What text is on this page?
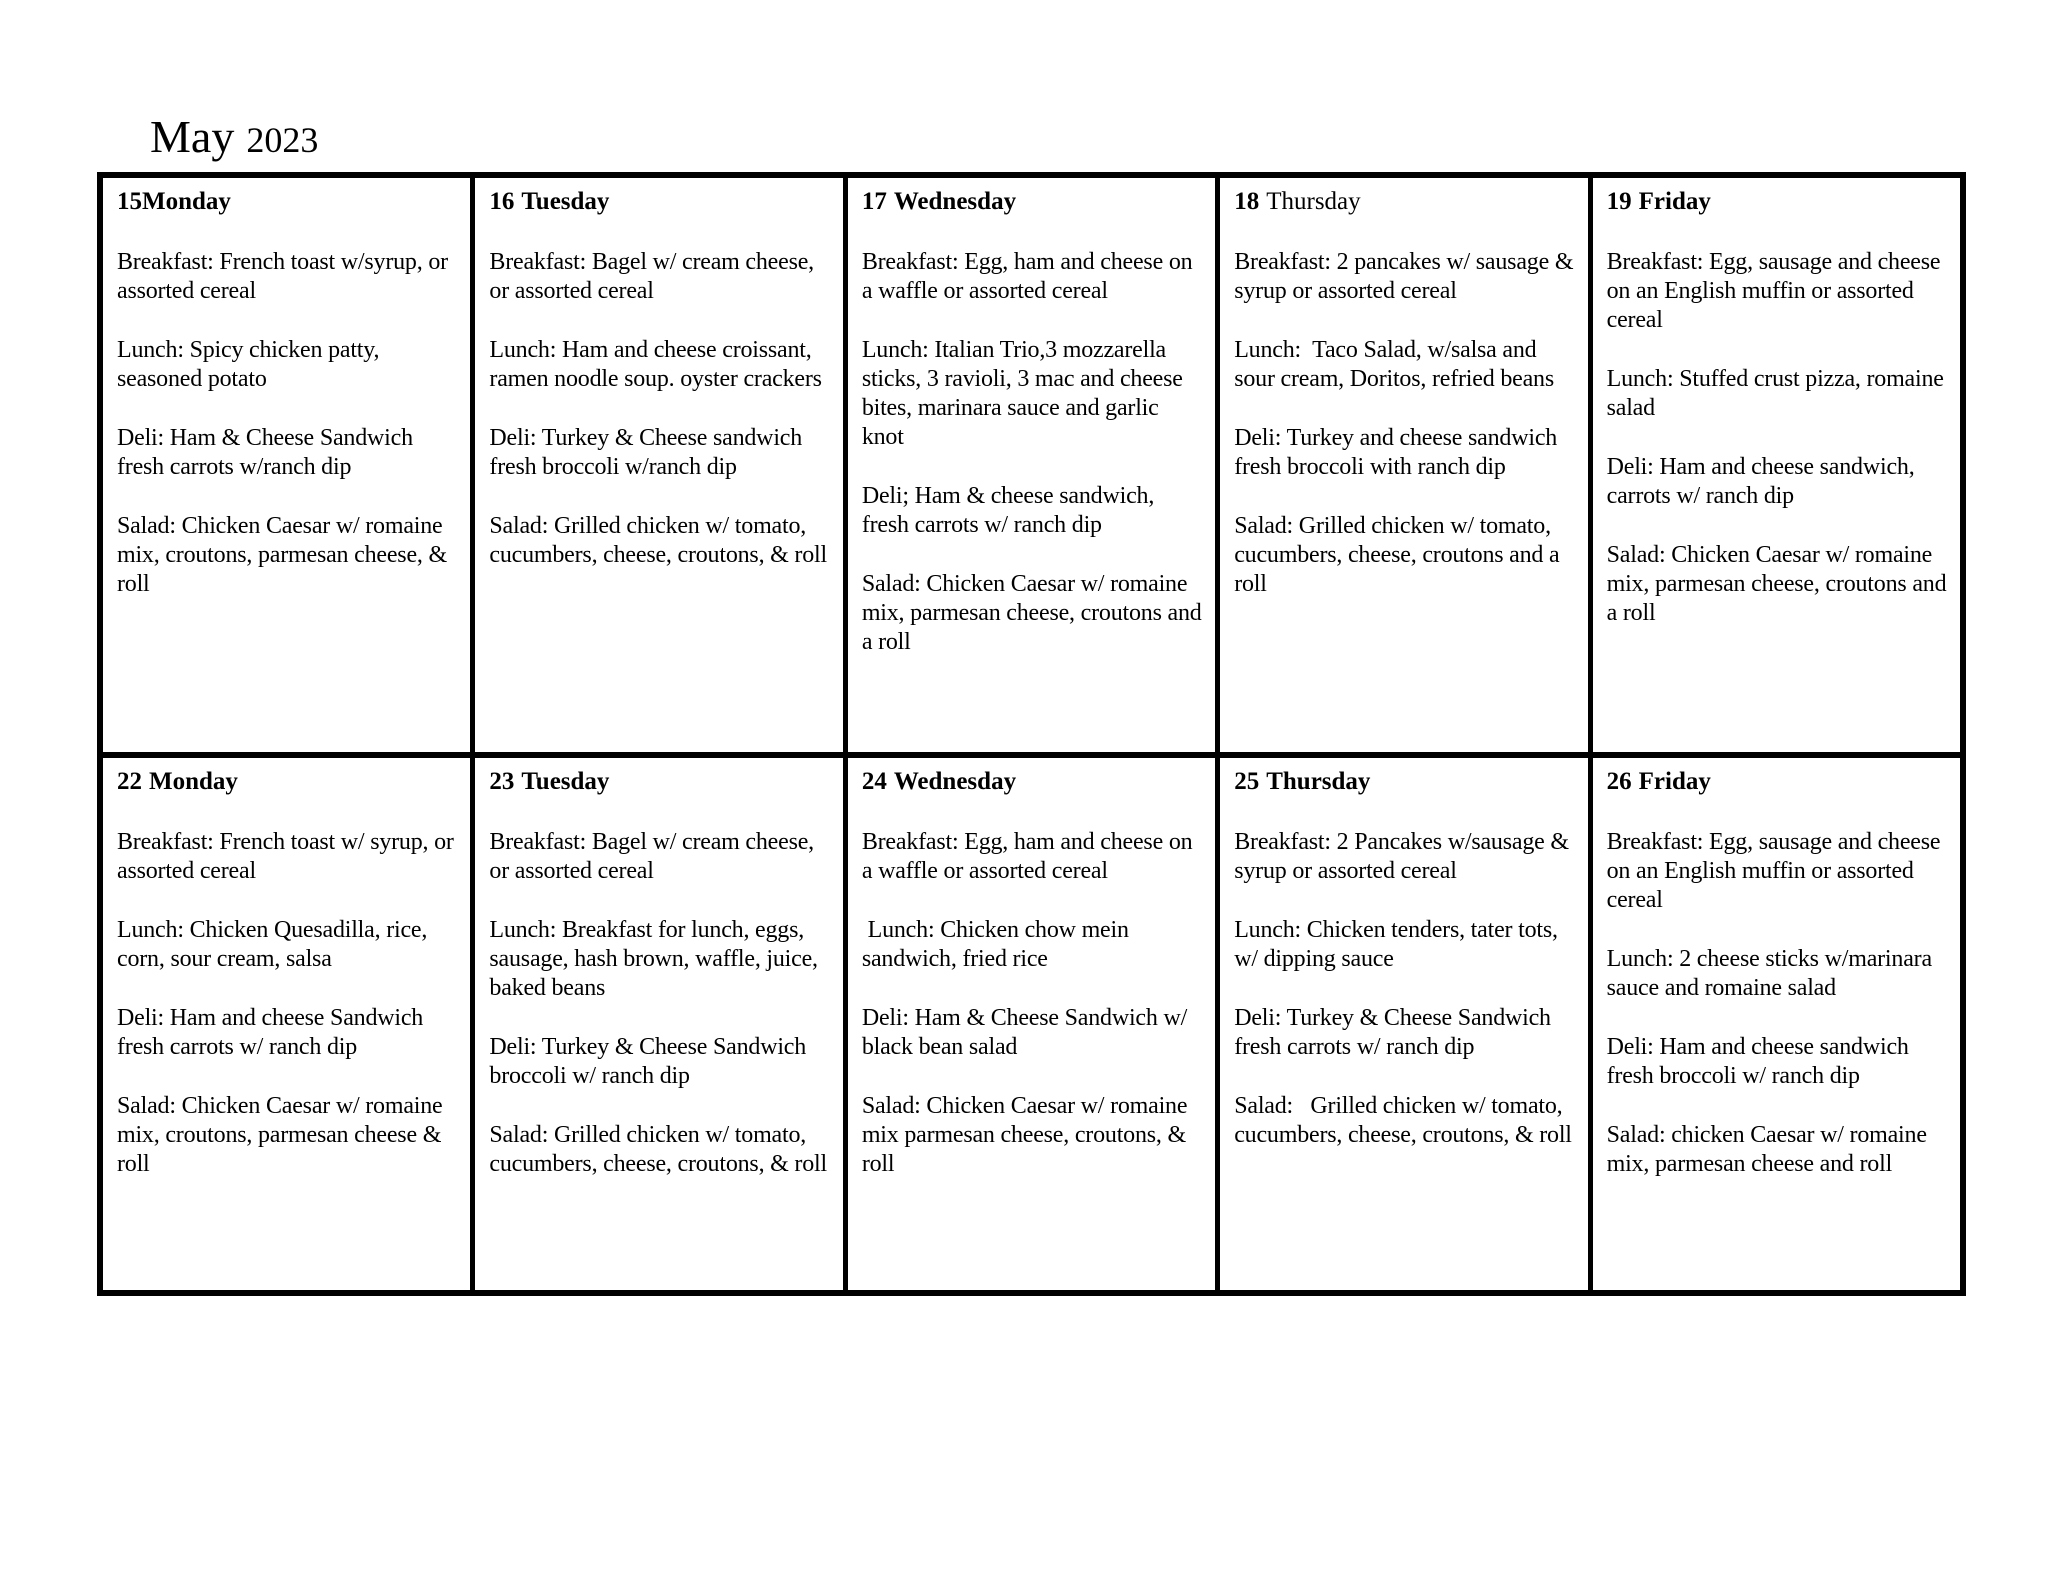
May 2023
15Monday

Breakfast: French toast w/syrup, or assorted cereal

Lunch: Spicy chicken patty, seasoned potato

Deli: Ham & Cheese Sandwich fresh carrots w/ranch dip

Salad: Chicken Caesar w/ romaine mix, croutons, parmesan cheese, & roll

16 Tuesday

Breakfast: Bagel w/ cream cheese, or assorted cereal

Lunch: Ham and cheese croissant, ramen noodle soup. oyster crackers

Deli: Turkey & Cheese sandwich fresh broccoli w/ranch dip

Salad: Grilled chicken w/ tomato, cucumbers, cheese, croutons, & roll

17 Wednesday

Breakfast: Egg, ham and cheese on a waffle or assorted cereal

Lunch: Italian Trio,3 mozzarella sticks, 3 ravioli, 3 mac and cheese bites, marinara sauce and garlic knot

Deli; Ham & cheese sandwich, fresh carrots w/ ranch dip

Salad: Chicken Caesar w/ romaine mix, parmesan cheese, croutons and a roll

18 Thursday

Breakfast: 2 pancakes w/ sausage & syrup or assorted cereal

Lunch:  Taco Salad, w/salsa and sour cream, Doritos, refried beans

Deli: Turkey and cheese sandwich fresh broccoli with ranch dip

Salad: Grilled chicken w/ tomato, cucumbers, cheese, croutons and a roll

19 Friday

Breakfast: Egg, sausage and cheese on an English muffin or assorted cereal

Lunch: Stuffed crust pizza, romaine salad

Deli: Ham and cheese sandwich, carrots w/ ranch dip

Salad: Chicken Caesar w/ romaine mix, parmesan cheese, croutons and a roll

22 Monday

Breakfast: French toast w/ syrup, or assorted cereal

Lunch: Chicken Quesadilla, rice, corn, sour cream, salsa

Deli: Ham and cheese Sandwich fresh carrots w/ ranch dip

Salad: Chicken Caesar w/ romaine mix, croutons, parmesan cheese & roll

23 Tuesday

Breakfast: Bagel w/ cream cheese, or assorted cereal

Lunch: Breakfast for lunch, eggs, sausage, hash brown, waffle, juice, baked beans

Deli: Turkey & Cheese Sandwich broccoli w/ ranch dip

Salad: Grilled chicken w/ tomato, cucumbers, cheese, croutons, & roll

24 Wednesday

Breakfast: Egg, ham and cheese on a waffle or assorted cereal

Lunch: Chicken chow mein sandwich, fried rice

Deli: Ham & Cheese Sandwich w/ black bean salad

Salad: Chicken Caesar w/ romaine mix parmesan cheese, croutons, & roll

25 Thursday

Breakfast: 2 Pancakes w/sausage & syrup or assorted cereal

Lunch: Chicken tenders, tater tots, w/ dipping sauce

Deli: Turkey & Cheese Sandwich fresh carrots w/ ranch dip

Salad:   Grilled chicken w/ tomato, cucumbers, cheese, croutons, & roll

26 Friday

Breakfast: Egg, sausage and cheese on an English muffin or assorted cereal

Lunch: 2 cheese sticks w/marinara sauce and romaine salad

Deli: Ham and cheese sandwich fresh broccoli w/ ranch dip

Salad: chicken Caesar w/ romaine mix, parmesan cheese and roll
